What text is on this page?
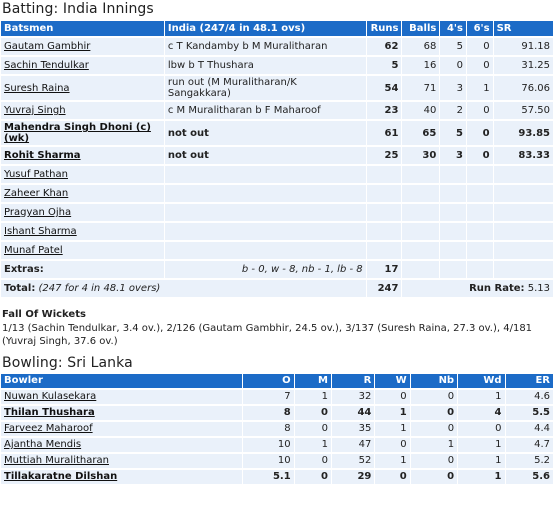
Batting: India Innings
Batsmen	India (247/4 in 48.1 ovs)	Runs	Balls	4's	6's	SR
Gautam Gambhir	c T Kandamby b M Muralitharan	62	68	5	0	91.18
Sachin Tendulkar	lbw b T Thushara	5	16	0	0	31.25
Suresh Raina	run out (M Muralitharan/K Sangakkara)	54	71	3	1	76.06
Yuvraj Singh	c M Muralitharan b F Maharoof	23	40	2	0	57.50
Mahendra Singh Dhoni (c) (wk)	not out	61	65	5	0	93.85
Rohit Sharma	not out	25	30	3	0	83.33
Yusuf Pathan						
Zaheer Khan						
Pragyan Ojha						
Ishant Sharma						
Munaf Patel						
Extras:	b - 0, w - 8, nb - 1, lb - 8	17				
Total: (247 for 4 in 48.1 overs)		247	Run Rate: 5.13			
Fall Of Wickets
1/13 (Sachin Tendulkar, 3.4 ov.), 2/126 (Gautam Gambhir, 24.5 ov.), 3/137 (Suresh Raina, 27.3 ov.), 4/181 (Yuvraj Singh, 37.6 ov.)
Bowling: Sri Lanka
Bowler	O	M	R	W	Nb	Wd	ER
Nuwan Kulasekara	7	1	32	0	0	1	4.6
Thilan Thushara	8	0	44	1	0	4	5.5
Farveez Maharoof	8	0	35	1	0	0	4.4
Ajantha Mendis	10	1	47	0	1	1	4.7
Muttiah Muralitharan	10	0	52	1	0	1	5.2
Tillakaratne Dilshan	5.1	0	29	0	0	1	5.6
